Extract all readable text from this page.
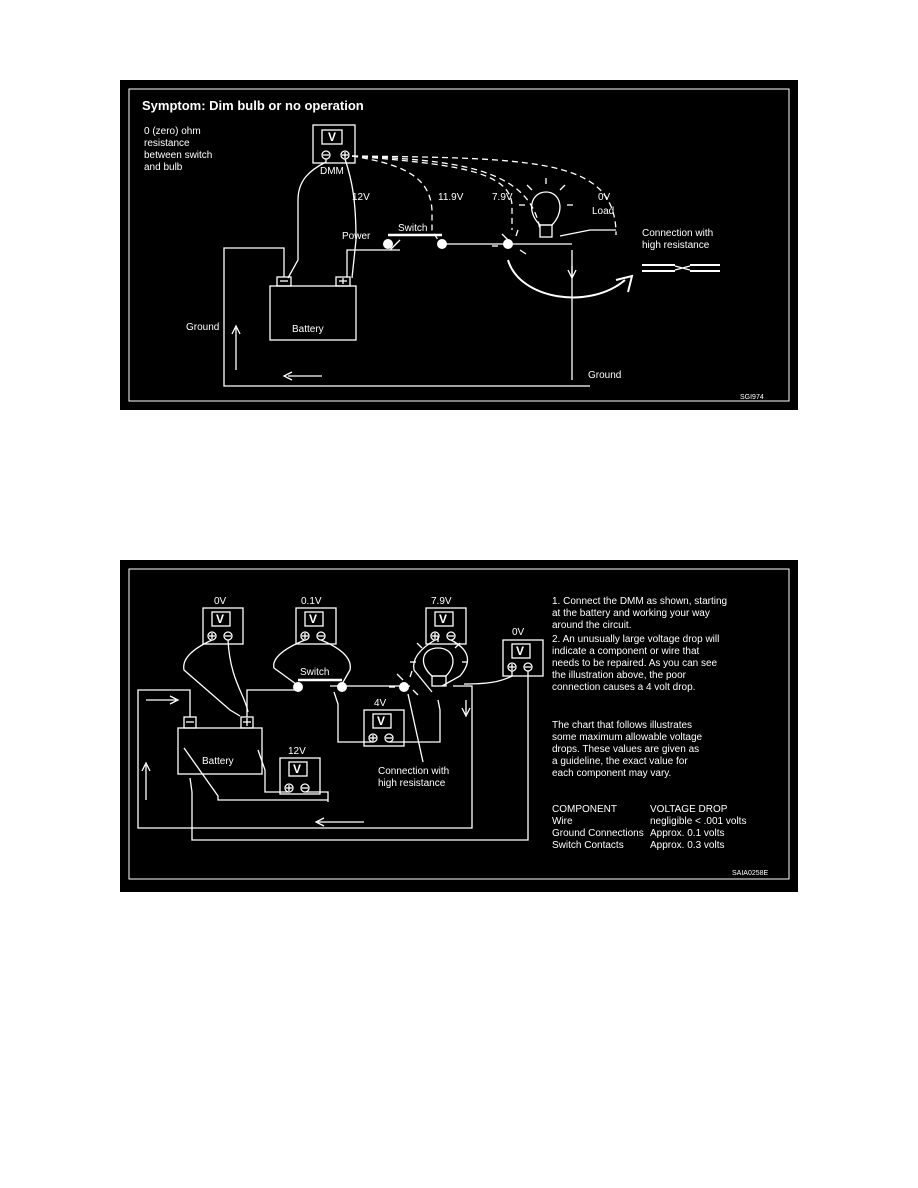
Symptom: Dim bulb or no operation
0 (zero) ohm
resistance
between switch
and bulb
V
DMM
12V	11.9V	7.9V	0V
Load
Power
Switch
Battery
Ground
Ground
Connection with
high resistance
SGI974
V	V	V
V
V
V
0V	0.1V	7.9V
0V
4V
12V
Switch
Battery
Connection with
high resistance
1. Connect the DMM as shown, starting
at the battery and working your way
around the circuit.
2. An unusually large voltage drop will
indicate a component or wire that
needs to be repaired. As you can see
the illustration above, the poor
connection causes a 4 volt drop.
The chart that follows illustrates
some maximum allowable voltage
drops. These values are given as
a guideline, the exact value for
each component may vary.
COMPONENT	VOLTAGE DROP
Wire	negligible < .001 volts
Ground Connections Approx. 0.1 volts
Switch Contacts	Approx. 0.3 volts
SAIA0258E
